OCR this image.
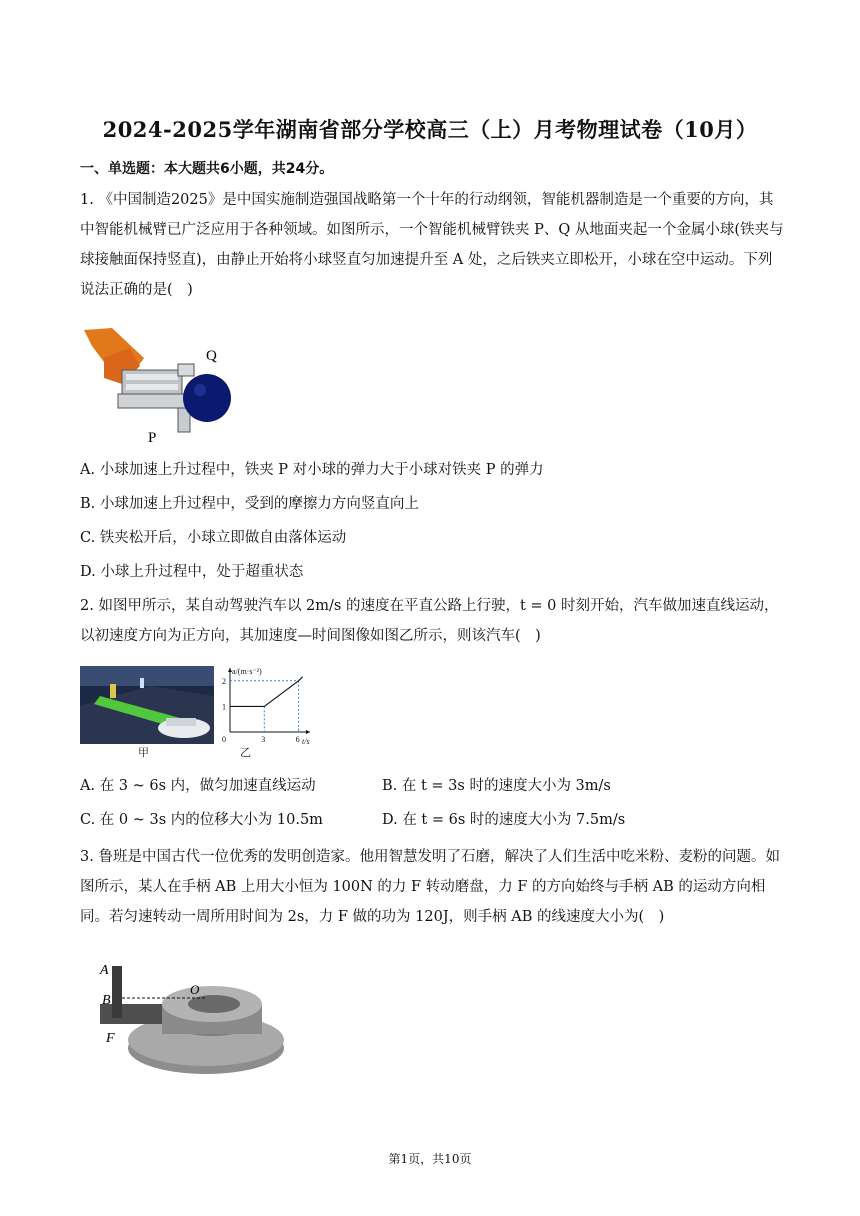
2024-2025学年湖南省部分学校高三（上）月考物理试卷（10月）
一、单选题：本大题共6小题，共24分。

1. 《中国制造2025》是中国实施制造强国战略第一个十年的行动纲领，智能机器制造是一个重要的方向，其中智能机械臂已广泛应用于各种领域。如图所示，一个智能机械臂铁夹 P、Q 从地面夹起一个金属小球(铁夹与球接触面保持竖直)，由静止开始将小球竖直匀加速提升至 A 处，之后铁夹立即松开，小球在空中运动。下列说法正确的是(　)

Q
P

A. 小球加速上升过程中，铁夹 P 对小球的弹力大于小球对铁夹 P 的弹力

B. 小球加速上升过程中，受到的摩擦力方向竖直向上

C. 铁夹松开后，小球立即做自由落体运动

D. 小球上升过程中，处于超重状态

2. 如图甲所示，某自动驾驶汽车以 2m/s 的速度在平直公路上行驶，t = 0 时刻开始，汽车做加速直线运动，以初速度方向为正方向，其加速度—时间图像如图乙所示，则该汽车(　)

甲
a/(m·s⁻²)
t/s
0	3	6
1
2
乙

A. 在 3 ~ 6s 内，做匀加速直线运动	B. 在 t = 3s 时的速度大小为 3m/s

C. 在 0 ~ 3s 内的位移大小为 10.5m	D. 在 t = 6s 时的速度大小为 7.5m/s

3. 鲁班是中国古代一位优秀的发明创造家。他用智慧发明了石磨，解决了人们生活中吃米粉、麦粉的问题。如图所示，某人在手柄 AB 上用大小恒为 100N 的力 F 转动磨盘，力 F 的方向始终与手柄 AB 的运动方向相同。若匀速转动一周所用时间为 2s，力 F 做的功为 120J，则手柄 AB 的线速度大小为(　)

A
B
F
O
第1页，共10页
